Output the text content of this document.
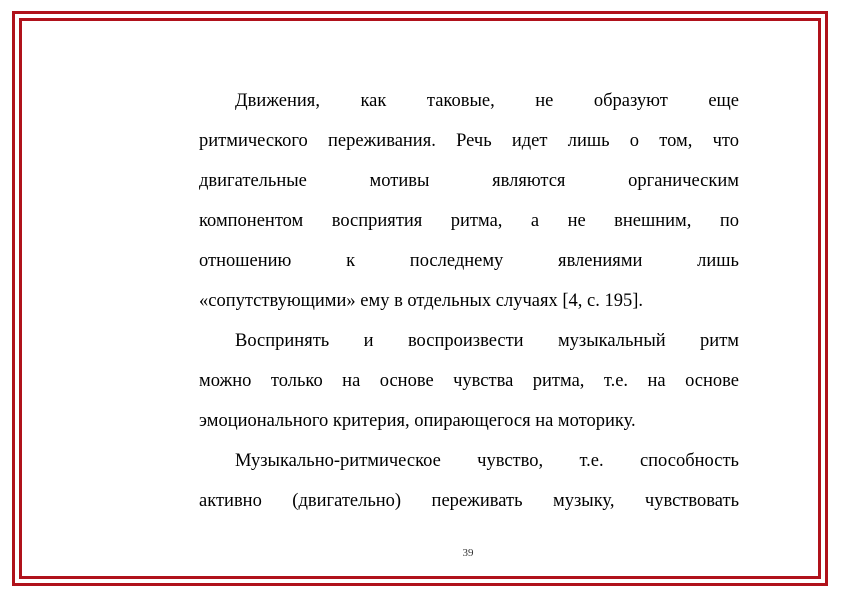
Движения, как таковые, не образуют еще
ритмического переживания. Речь идет лишь о том, что
двигательные мотивы являются органическим
компонентом восприятия ритма, а не внешним, по
отношению к последнему явлениями лишь
«сопутствующими» ему в отдельных случаях [4, с. 195].
Воспринять и воспроизвести музыкальный ритм
можно только на основе чувства ритма, т.е. на основе
эмоционального критерия, опирающегося на моторику.
Музыкально-ритмическое чувство, т.е. способность
активно (двигательно) переживать музыку, чувствовать
39
